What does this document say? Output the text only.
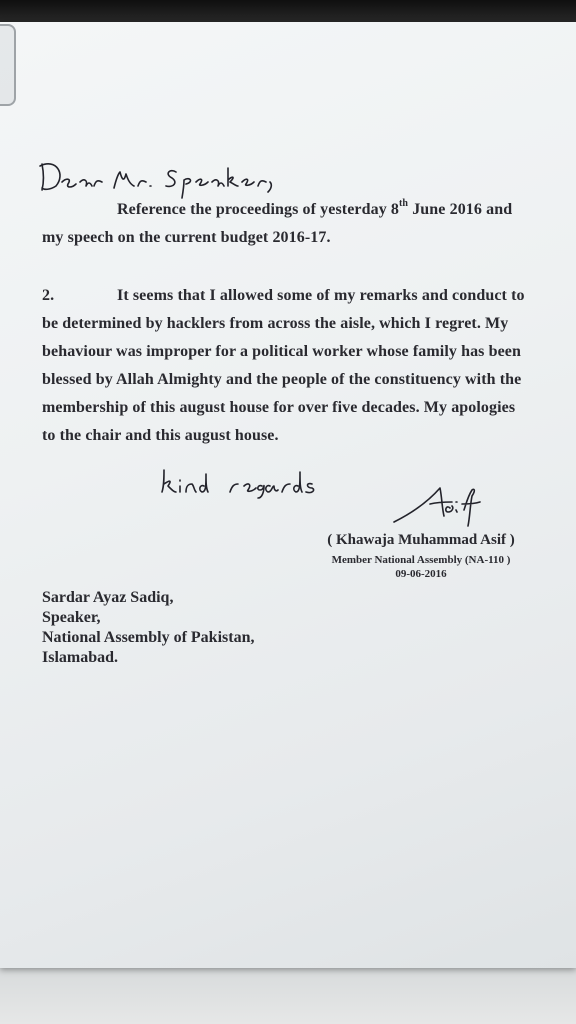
Reference the proceedings of yesterday 8th June 2016 and
my speech on the current budget 2016-17.
2.	It seems that I allowed some of my remarks and conduct to
be determined by hacklers from across the aisle, which I regret. My
behaviour was improper for a political worker whose family has been
blessed by Allah Almighty and the people of the constituency with the
membership of this august house for over five decades. My apologies
to the chair and this august house.
( Khawaja Muhammad Asif )
Member National Assembly (NA-110 )
09-06-2016
Sardar Ayaz Sadiq,
Speaker,
National Assembly of Pakistan,
Islamabad.
